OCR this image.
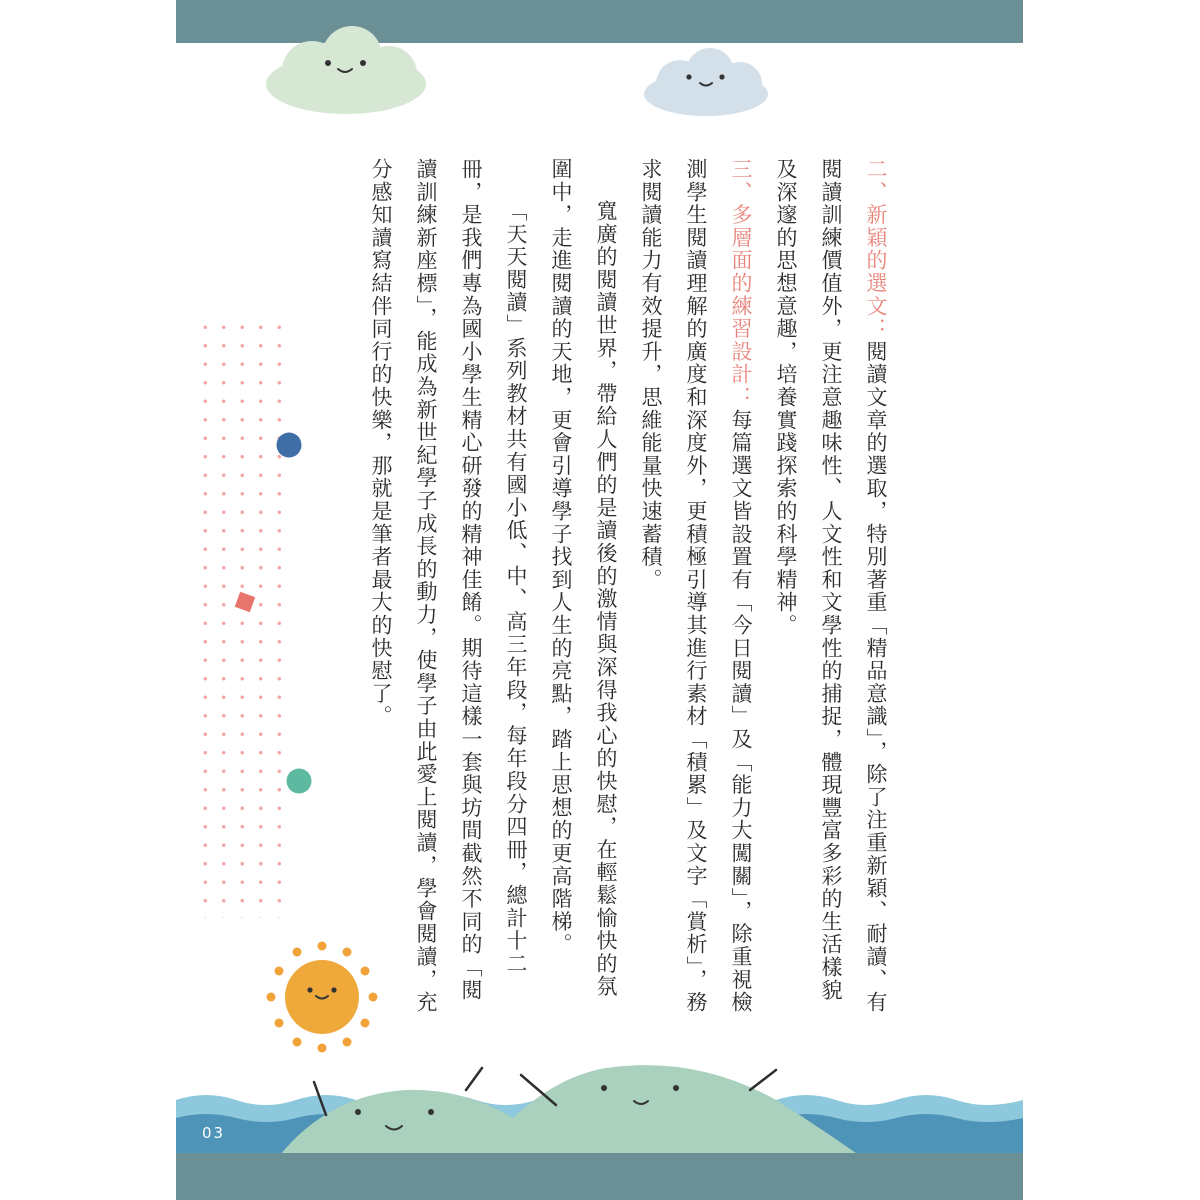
二、新穎的選文：閱讀文章的選取，特別著重「精品意識」，除了注重新穎、耐讀、有閱讀訓練價值外，更注意趣味性、人文性和文學性的捕捉，體現豐富多彩的生活樣貌及深邃的思想意趣，培養實踐探索的科學精神。

三、多層面的練習設計：每篇選文皆設置有「今日閱讀」及「能力大闖關」，除重視檢測學生閱讀理解的廣度和深度外，更積極引導其進行素材「積累」及文字「賞析」，務求閱讀能力有效提升，思維能量快速蓄積。

寬廣的閱讀世界，帶給人們的是讀後的激情與深得我心的快慰，在輕鬆愉快的氛圍中，走進閱讀的天地，更會引導學子找到人生的亮點，踏上思想的更高階梯。

「天天閱讀」系列教材共有國小低、中、高三年段，每年段分四冊，總計十二冊，是我們專為國小學生精心研發的精神佳餚。期待這樣一套與坊間截然不同的「閱讀訓練新座標」，能成為新世紀學子成長的動力，使學子由此愛上閱讀，學會閱讀，充分感知讀寫結伴同行的快樂，那就是筆者最大的快慰了。

03
